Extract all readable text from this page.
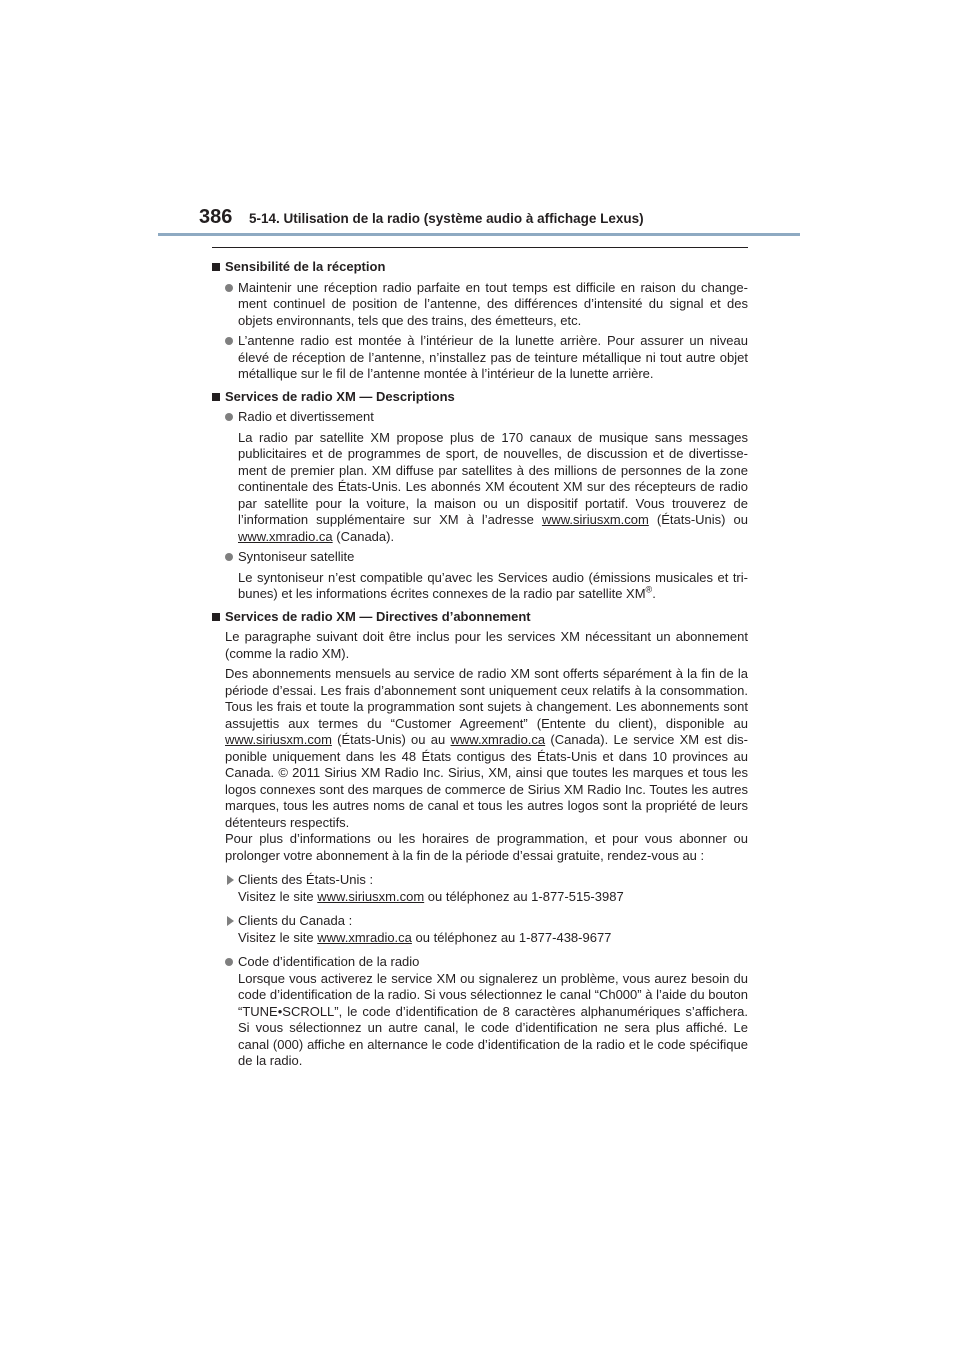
386 5-14. Utilisation de la radio (système audio à affichage Lexus)
Sensibilité de la réception
Maintenir une réception radio parfaite en tout temps est difficile en raison du changement continuel de position de l’antenne, des différences d’intensité du signal et des objets environnants, tels que des trains, des émetteurs, etc.
L’antenne radio est montée à l’intérieur de la lunette arrière. Pour assurer un niveau élevé de réception de l’antenne, n’installez pas de teinture métallique ni tout autre objet métallique sur le fil de l’antenne montée à l’intérieur de la lunette arrière.
Services de radio XM — Descriptions
Radio et divertissement

La radio par satellite XM propose plus de 170 canaux de musique sans messages publicitaires et de programmes de sport, de nouvelles, de discussion et de divertissement de premier plan. XM diffuse par satellites à des millions de personnes de la zone continentale des États-Unis. Les abonnés XM écoutent XM sur des récepteurs de radio par satellite pour la voiture, la maison ou un dispositif portatif. Vous trouverez de l’information supplémentaire sur XM à l’adresse www.siriusxm.com (États-Unis) ou www.xmradio.ca (Canada).

Syntoniseur satellite

Le syntoniseur n’est compatible qu’avec les Services audio (émissions musicales et tribunes) et les informations écrites connexes de la radio par satellite XM®.

Services de radio XM — Directives d’abonnement

Le paragraphe suivant doit être inclus pour les services XM nécessitant un abonnement (comme la radio XM).

Des abonnements mensuels au service de radio XM sont offerts séparément à la fin de la période d’essai. Les frais d’abonnement sont uniquement ceux relatifs à la consommation. Tous les frais et toute la programmation sont sujets à changement. Les abonnements sont assujettis aux termes du “Customer Agreement” (Entente du client), disponible au www.siriusxm.com (États-Unis) ou au www.xmradio.ca (Canada). Le service XM est disponible uniquement dans les 48 États contigus des États-Unis et dans 10 provinces au Canada. © 2011 Sirius XM Radio Inc. Sirius, XM, ainsi que toutes les marques et tous les logos connexes sont des marques de commerce de Sirius XM Radio Inc. Toutes les autres marques, tous les autres noms de canal et tous les autres logos sont la propriété de leurs détenteurs respectifs.

Pour plus d’informations ou les horaires de programmation, et pour vous abonner ou prolonger votre abonnement à la fin de la période d’essai gratuite, rendez-vous au :

Clients des États-Unis :
Visitez le site www.siriusxm.com ou téléphonez au 1-877-515-3987
Clients du Canada :
Visitez le site www.xmradio.ca ou téléphonez au 1-877-438-9677
Code d’identification de la radio
Lorsque vous activerez le service XM ou signalerez un problème, vous aurez besoin du code d’identification de la radio. Si vous sélectionnez le canal “Ch000” à l’aide du bouton “TUNE•SCROLL”, le code d’identification de 8 caractères alphanumériques s’affichera. Si vous sélectionnez un autre canal, le code d’identification ne sera plus affiché. Le canal (000) affiche en alternance le code d’identification de la radio et le code spécifique de la radio.
